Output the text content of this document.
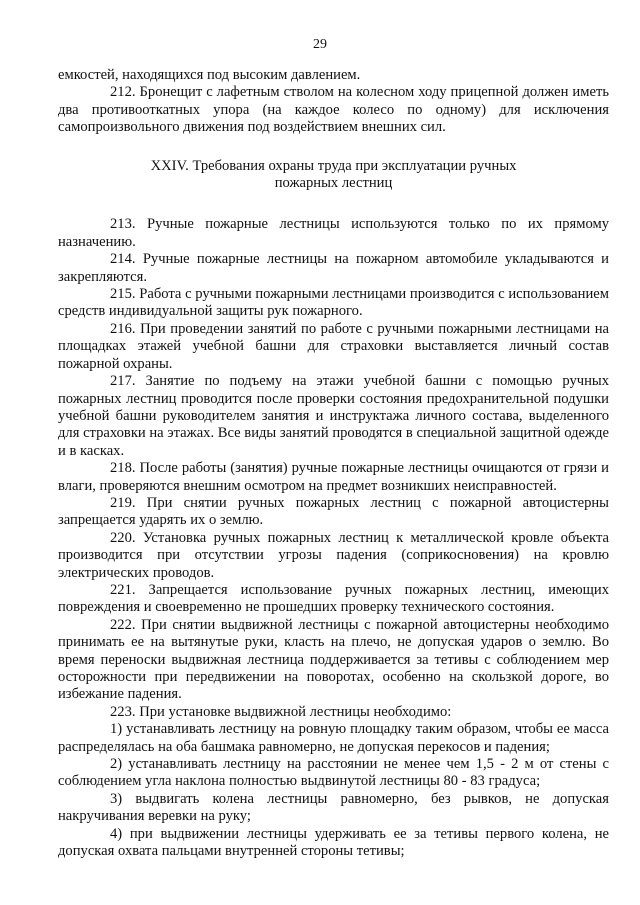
29

емкостей, находящихся под высоким давлением.

212. Бронещит с лафетным стволом на колесном ходу прицепной должен иметь два противооткатных упора (на каждое колесо по одному) для исключения самопроизвольного движения под воздействием внешних сил.

XXIV. Требования охраны труда при эксплуатации ручных
пожарных лестниц

213. Ручные пожарные лестницы используются только по их прямому назначению.

214. Ручные пожарные лестницы на пожарном автомобиле укладываются и закрепляются.

215. Работа с ручными пожарными лестницами производится с использованием средств индивидуальной защиты рук пожарного.

216. При проведении занятий по работе с ручными пожарными лестницами на площадках этажей учебной башни для страховки выставляется личный состав пожарной охраны.

217. Занятие по подъему на этажи учебной башни с помощью ручных пожарных лестниц проводится после проверки состояния предохранительной подушки учебной башни руководителем занятия и инструктажа личного состава, выделенного для страховки на этажах. Все виды занятий проводятся в специальной защитной одежде и в касках.

218. После работы (занятия) ручные пожарные лестницы очищаются от грязи и влаги, проверяются внешним осмотром на предмет возникших неисправностей.

219. При снятии ручных пожарных лестниц с пожарной автоцистерны запрещается ударять их о землю.

220. Установка ручных пожарных лестниц к металлической кровле объекта производится при отсутствии угрозы падения (соприкосновения) на кровлю электрических проводов.

221. Запрещается использование ручных пожарных лестниц, имеющих повреждения и своевременно не прошедших проверку технического состояния.

222. При снятии выдвижной лестницы с пожарной автоцистерны необходимо принимать ее на вытянутые руки, класть на плечо, не допуская ударов о землю. Во время переноски выдвижная лестница поддерживается за тетивы с соблюдением мер осторожности при передвижении на поворотах, особенно на скользкой дороге, во избежание падения.

223. При установке выдвижной лестницы необходимо:

1) устанавливать лестницу на ровную площадку таким образом, чтобы ее масса распределялась на оба башмака равномерно, не допуская перекосов и падения;

2) устанавливать лестницу на расстоянии не менее чем 1,5 - 2 м от стены с соблюдением угла наклона полностью выдвинутой лестницы 80 - 83 градуса;

3) выдвигать колена лестницы равномерно, без рывков, не допуская накручивания веревки на руку;

4) при выдвижении лестницы удерживать ее за тетивы первого колена, не допуская охвата пальцами внутренней стороны тетивы;
